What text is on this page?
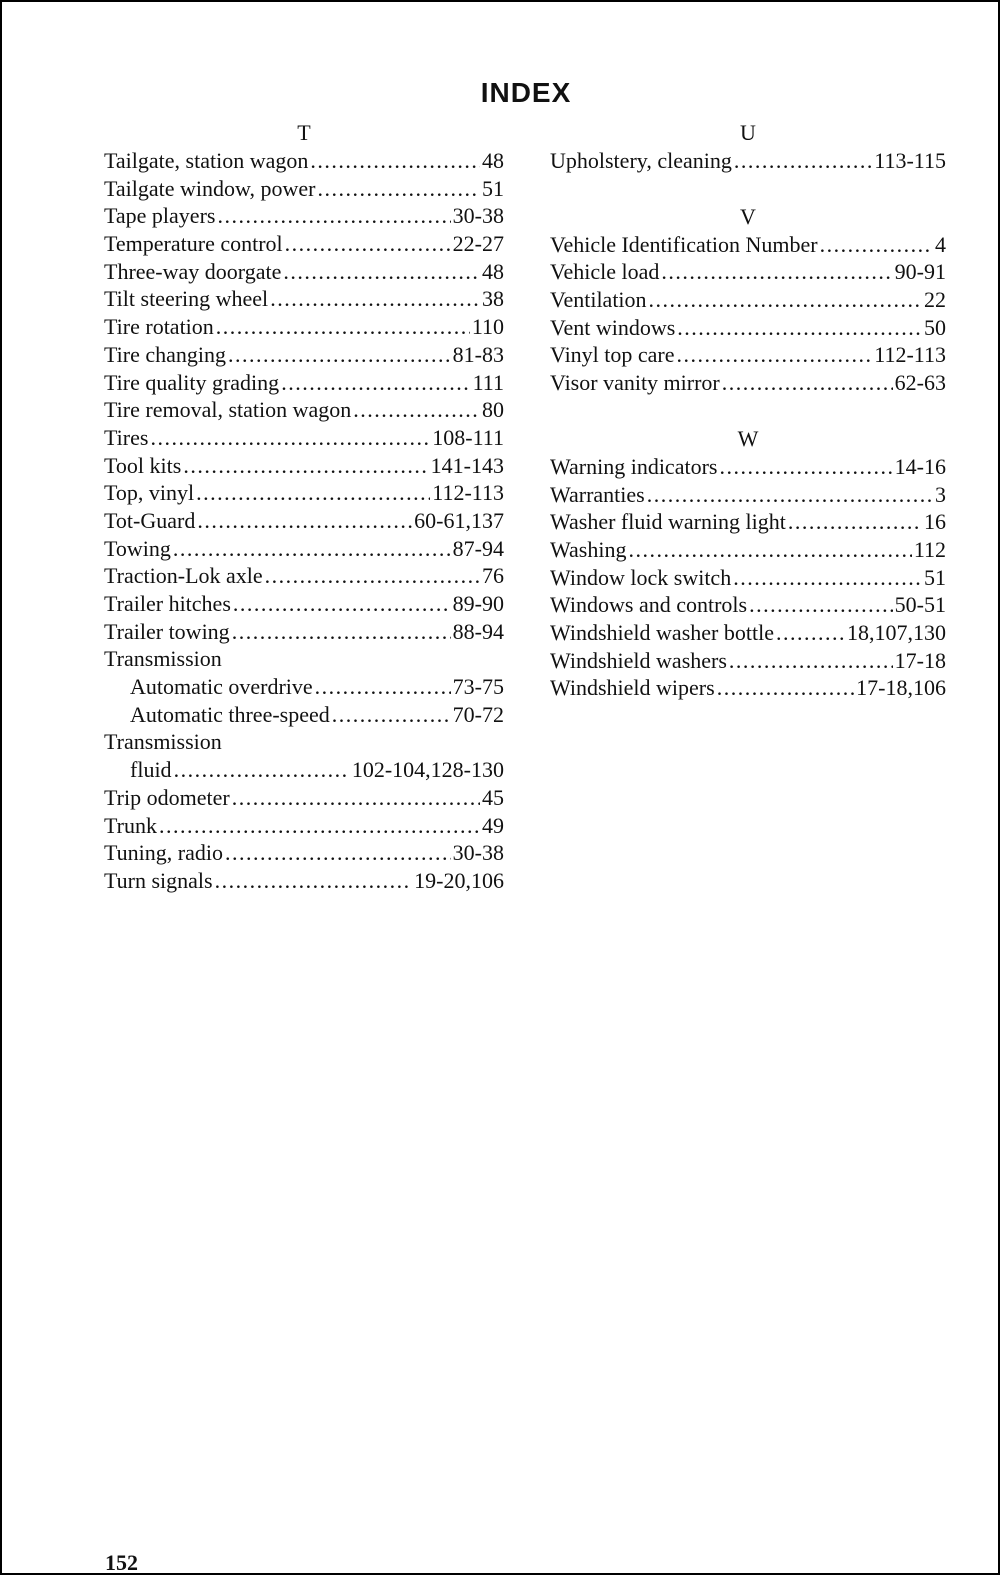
INDEX
T
Tailgate, station wagon . . .	48
Tailgate window, power . . .	51
Tape players . . .	30-38
Temperature control . . .	22-27
Three-way doorgate . . .	48
Tilt steering wheel . . .	38
Tire rotation . . .	110
Tire changing . . .	81-83
Tire quality grading . . .	111
Tire removal, station wagon . . .	80
Tires . . .	108-111
Tool kits . . .	141-143
Top, vinyl . . .	112-113
Tot-Guard . . .	60-61,137
Towing . . .	87-94
Traction-Lok axle . . .	76
Trailer hitches . . .	89-90
Trailer towing . . .	88-94
Transmission
Automatic overdrive . . .	73-75
Automatic three-speed . . .	70-72
Transmission
fluid . . .	102-104,128-130
Trip odometer . . .	45
Trunk . . .	49
Tuning, radio . . .	30-38
Turn signals . . .	19-20,106
U
Upholstery, cleaning . . .	113-115
V
Vehicle Identification Number . . .	4
Vehicle load . . .	90-91
Ventilation . . .	22
Vent windows . . .	50
Vinyl top care . . .	112-113
Visor vanity mirror . . .	62-63
W
Warning indicators . . .	14-16
Warranties . . .	3
Washer fluid warning light . . .	16
Washing . . .	112
Window lock switch . . .	51
Windows and controls . . .	50-51
Windshield washer bottle . . .	18,107,130
Windshield washers . . .	17-18
Windshield wipers . . .	17-18,106
152
